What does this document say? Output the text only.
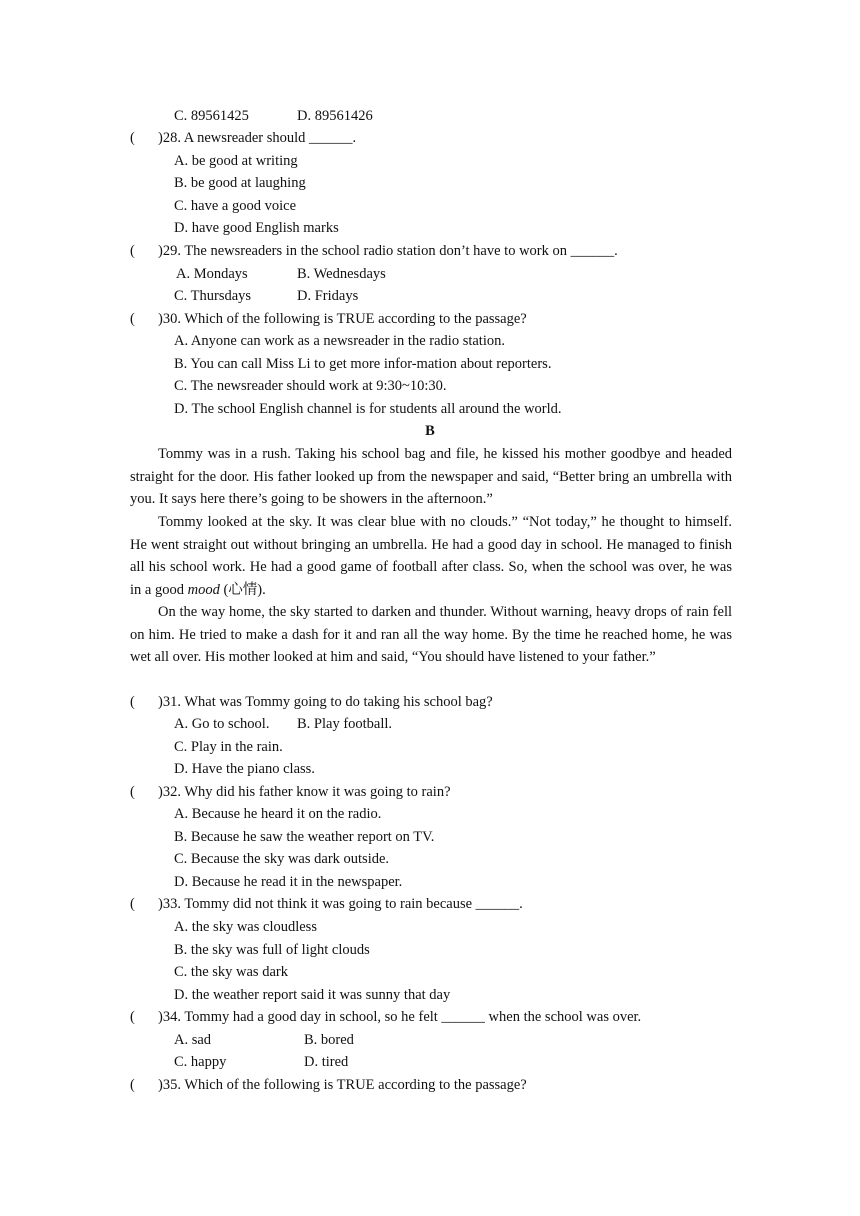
C. 89561425	D. 89561426
( )28. A newsreader should ______.
A. be good at writing
B. be good at laughing
C. have a good voice
D. have good English marks
( )29. The newsreaders in the school radio station don’t have to work on ______.
A. Mondays	B. Wednesdays
C. Thursdays	D. Fridays
( )30. Which of the following is TRUE according to the passage?
A. Anyone can work as a newsreader in the radio station.
B. You can call Miss Li to get more infor-mation about reporters.
C. The newsreader should work at 9:30~10:30.
D. The school English channel is for students all around the world.
B
Tommy was in a rush. Taking his school bag and file, he kissed his mother goodbye and headed straight for the door. His father looked up from the newspaper and said, “Better bring an umbrella with you. It says here there’s going to be showers in the afternoon.”
Tommy looked at the sky. It was clear blue with no clouds.” “Not today,” he thought to himself. He went straight out without bringing an umbrella. He had a good day in school. He managed to finish all his school work. He had a good game of football after class. So, when the school was over, he was in a good mood (心情).
On the way home, the sky started to darken and thunder. Without warning, heavy drops of rain fell on him. He tried to make a dash for it and ran all the way home. By the time he reached home, he was wet all over. His mother looked at him and said, “You should have listened to your father.”
( )31. What was Tommy going to do taking his school bag?
A. Go to school. B. Play football.
C. Play in the rain.
D. Have the piano class.
( )32. Why did his father know it was going to rain?
A. Because he heard it on the radio.
B. Because he saw the weather report on TV.
C. Because the sky was dark outside.
D. Because he read it in the newspaper.
( )33. Tommy did not think it was going to rain because ______.
A. the sky was cloudless
B. the sky was full of light clouds
C. the sky was dark
D. the weather report said it was sunny that day
( )34. Tommy had a good day in school, so he felt ______ when the school was over.
A. sad	B. bored
C. happy	D. tired
( )35. Which of the following is TRUE according to the passage?
